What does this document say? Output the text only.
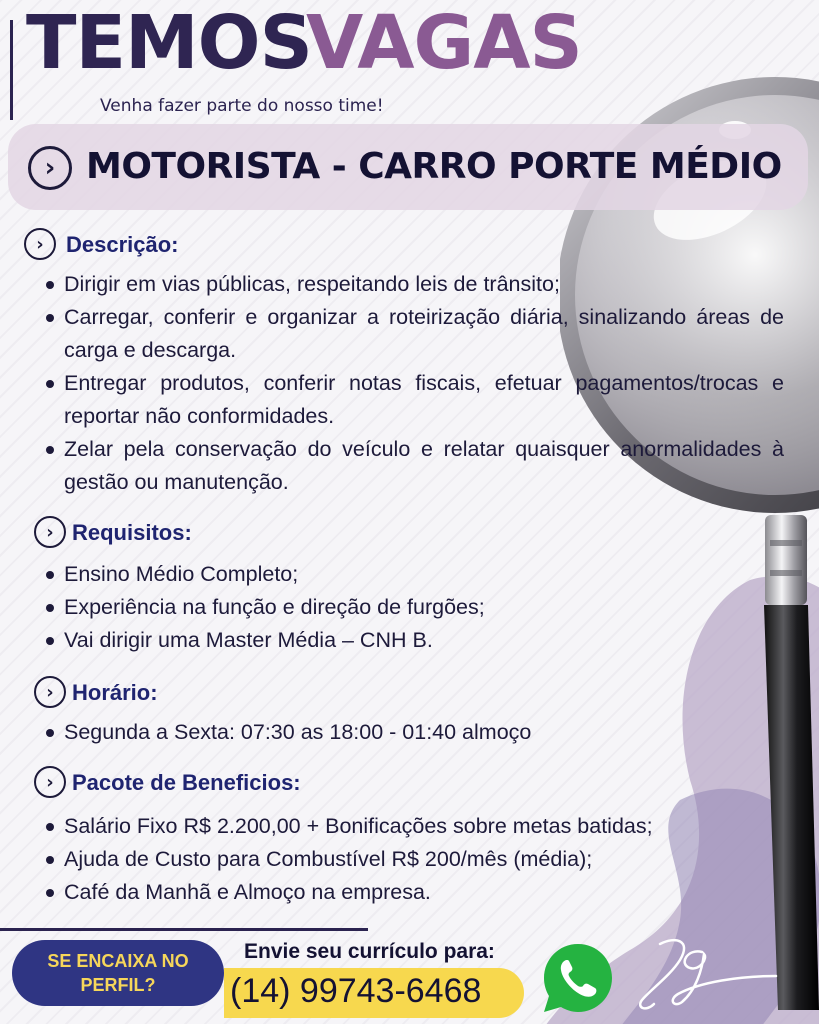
TEMOS
VAGAS
Venha fazer parte do nosso time!
› MOTORISTA - CARRO PORTE MÉDIO
›	Descrição:
Dirigir em vias públicas, respeitando leis de trânsito;
Carregar, conferir e organizar a roteirização diária, sinalizando áreas de carga e descarga.
Entregar produtos, conferir notas fiscais, efetuar pagamentos/trocas e reportar não conformidades.
Zelar pela conservação do veículo e relatar quaisquer anormalidades à gestão ou manutenção.
› Requisitos:
Ensino Médio Completo;
Experiência na função e direção de furgões;
Vai dirigir uma Master Média – CNH B.
› Horário:
Segunda a Sexta: 07:30 as 18:00 - 01:40 almoço
› Pacote de Beneficios:
Salário Fixo R$ 2.200,00 + Bonificações sobre metas batidas;
Ajuda de Custo para Combustível R$ 200/mês (média);
Café da Manhã e Almoço na empresa.
SE ENCAIXA NO
PERFIL?
Envie seu currículo para:
(14) 99743-6468
